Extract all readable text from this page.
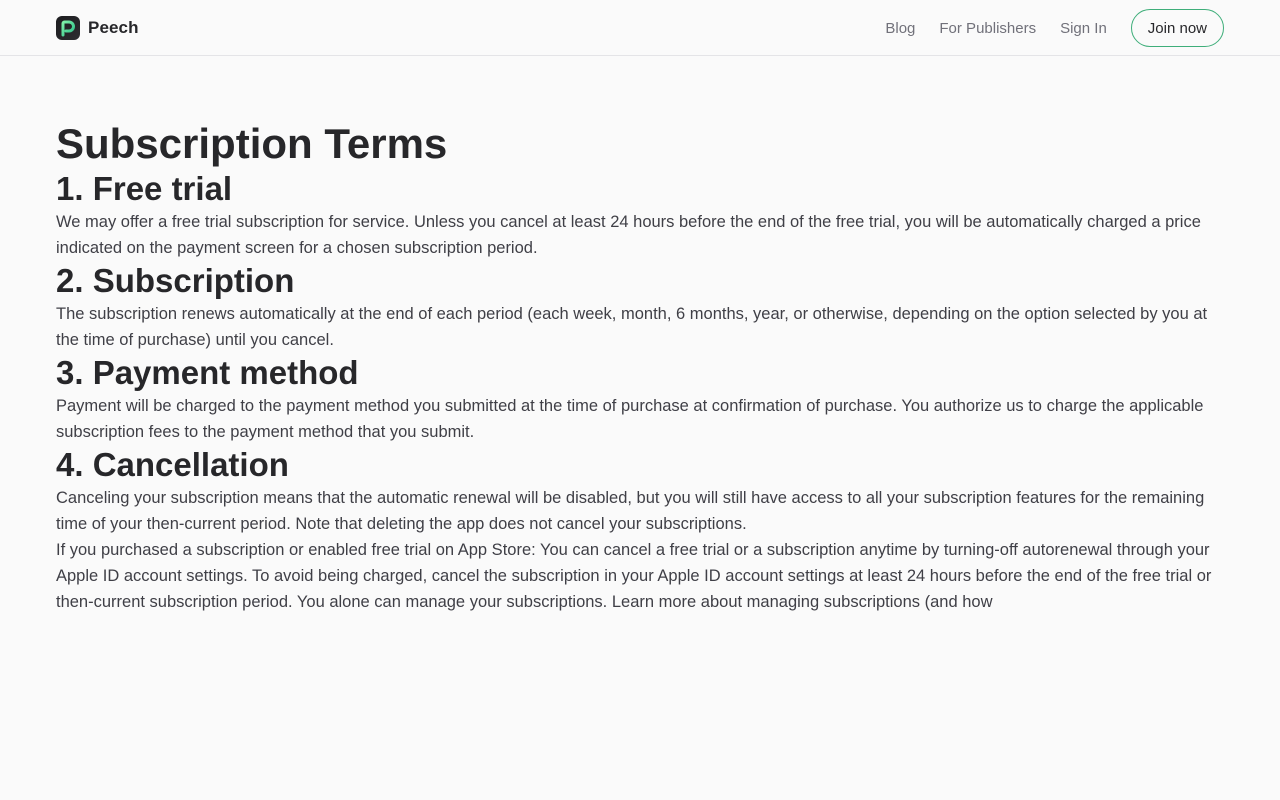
Peech	Blog For Publishers Sign In	Join now
Subscription Terms
1. Free trial

We may offer a free trial subscription for service. Unless you cancel at least 24 hours before the end of the free trial, you will be automatically charged a price indicated on the payment screen for a chosen subscription period.

2. Subscription

The subscription renews automatically at the end of each period (each week, month, 6 months, year, or otherwise, depending on the option selected by you at the time of purchase) until you cancel.

3. Payment method

Payment will be charged to the payment method you submitted at the time of purchase at confirmation of purchase. You authorize us to charge the applicable subscription fees to the payment method that you submit.

4. Cancellation

Canceling your subscription means that the automatic renewal will be disabled, but you will still have access to all your subscription features for the remaining time of your then-current period. Note that deleting the app does not cancel your subscriptions.

If you purchased a subscription or enabled free trial on App Store: You can cancel a free trial or a subscription anytime by turning-off autorenewal through your Apple ID account settings. To avoid being charged, cancel the subscription in your Apple ID account settings at least 24 hours before the end of the free trial or then-current subscription period. You alone can manage your subscriptions. Learn more about managing subscriptions (and how
